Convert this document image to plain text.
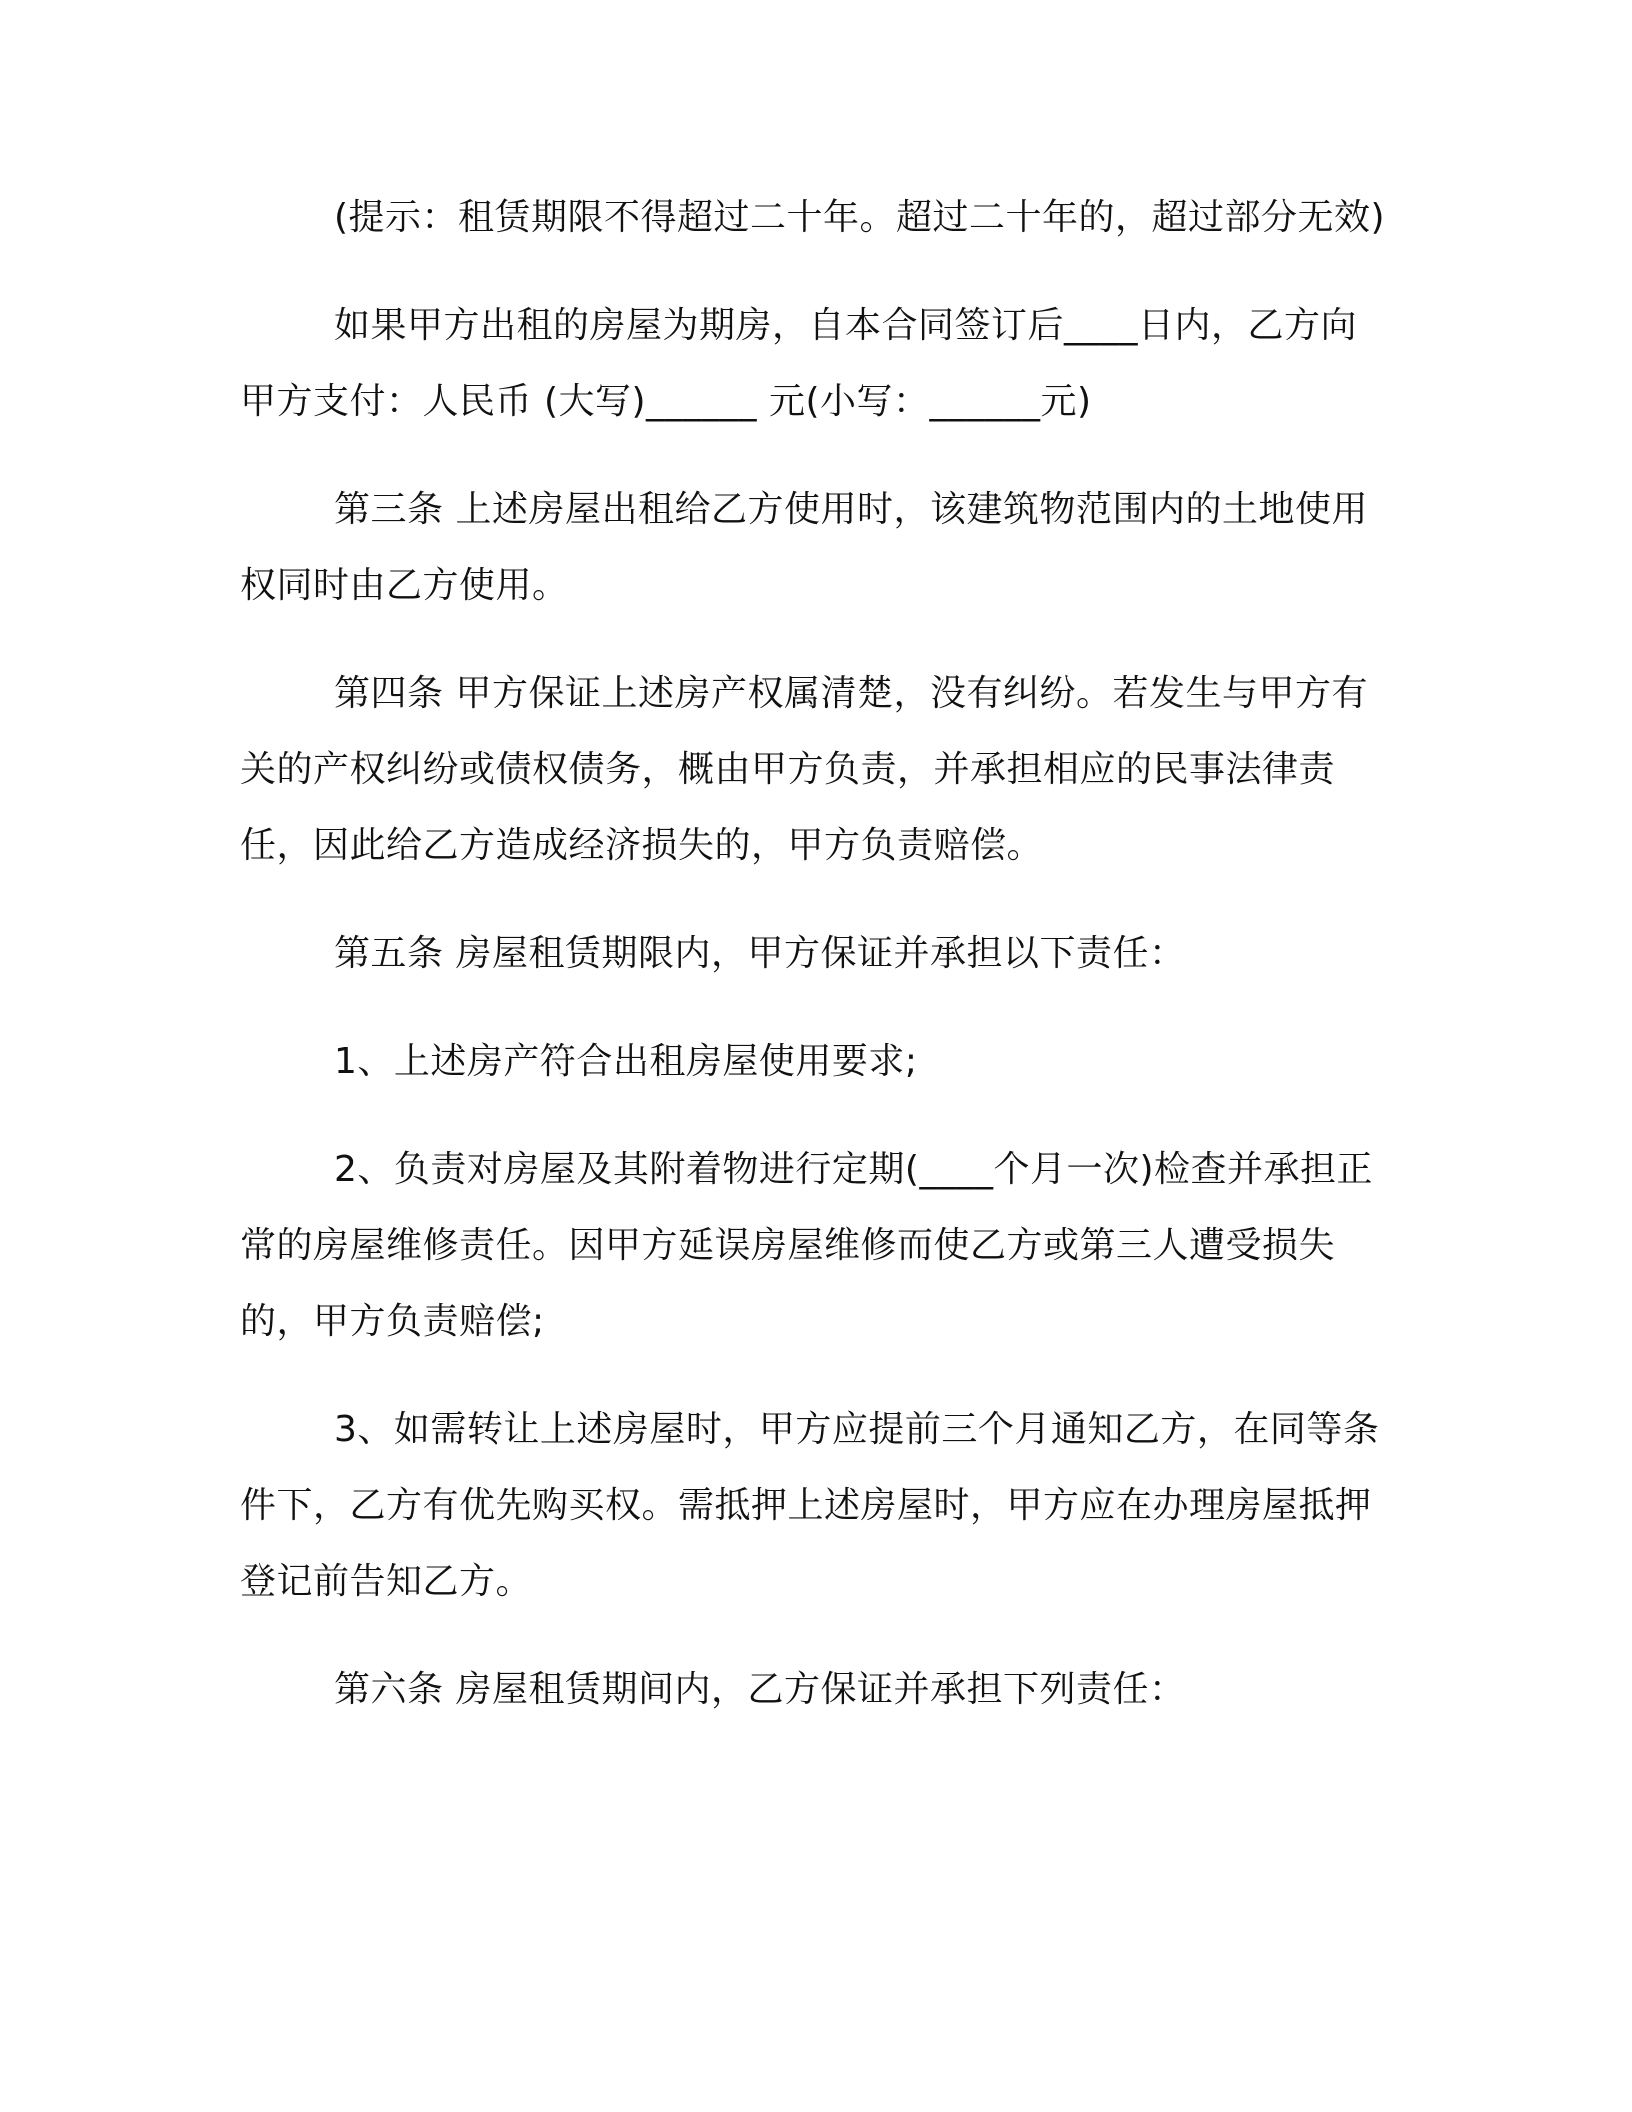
(提示：租赁期限不得超过二十年。超过二十年的，超过部分无效)

如果甲方出租的房屋为期房，自本合同签订后____日内，乙方向甲方支付：人民币 (大写)______ 元(小写：______元)

第三条 上述房屋出租给乙方使用时，该建筑物范围内的土地使用权同时由乙方使用。

第四条 甲方保证上述房产权属清楚，没有纠纷。若发生与甲方有关的产权纠纷或债权债务，概由甲方负责，并承担相应的民事法律责任，因此给乙方造成经济损失的，甲方负责赔偿。

第五条 房屋租赁期限内，甲方保证并承担以下责任：

1、上述房产符合出租房屋使用要求;

2、负责对房屋及其附着物进行定期(____个月一次)检查并承担正常的房屋维修责任。因甲方延误房屋维修而使乙方或第三人遭受损失的，甲方负责赔偿;

3、如需转让上述房屋时，甲方应提前三个月通知乙方，在同等条件下，乙方有优先购买权。需抵押上述房屋时，甲方应在办理房屋抵押登记前告知乙方。

第六条 房屋租赁期间内，乙方保证并承担下列责任：
